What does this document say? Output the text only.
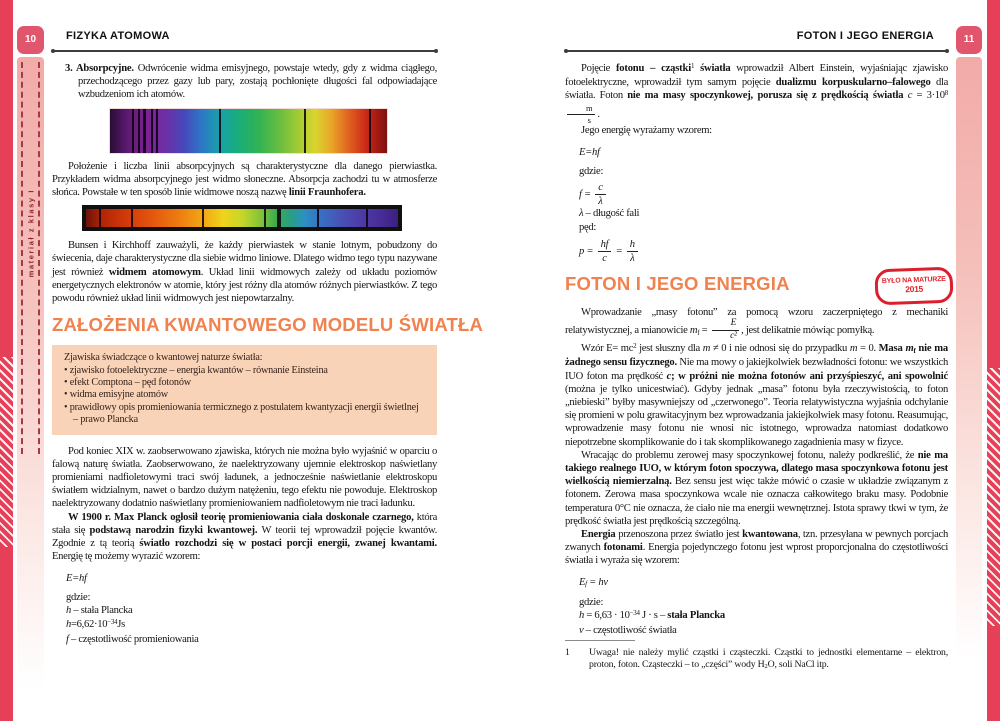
10	11
materiał z klasy I
FIZYKA ATOMOWA

3. Absorpcyjne. Odwrócenie widma emisyjnego, powstaje wtedy, gdy z widma ciągłego, przechodzącego przez gazy lub pary, zostają pochłonięte długości fal odpowiadające wzbudzeniom ich atomów.

Położenie i liczba linii absorpcyjnych są charakterystyczne dla danego pierwiastka. Przykładem widma absorpcyjnego jest widmo słoneczne. Absorpcja zachodzi tu w atmosferze słońca. Powstałe w ten sposób linie widmowe noszą nazwę linii Fraunhofera.

Bunsen i Kirchhoff zauważyli, że każdy pierwiastek w stanie lotnym, pobudzony do świecenia, daje charakterystyczne dla siebie widmo liniowe. Dlatego widmo tego typu nazywane jest również widmem atomowym. Układ linii widmowych zależy od układu poziomów energetycznych elektronów w atomie, który jest różny dla atomów różnych pierwiastków. Z tego powodu również układ linii widmowych jest niepowtarzalny.

ZAŁOŻENIA KWANTOWEGO MODELU ŚWIATŁA
Zjawiska świadczące o kwantowej naturze światła:
• zjawisko fotoelektryczne – energia kwantów – równanie Einsteina
• efekt Comptona – pęd fotonów
• widma emisyjne atomów
• prawidłowy opis promieniowania termicznego z postulatem kwantyzacji energii świetlnej – prawo Plancka

Pod koniec XIX w. zaobserwowano zjawiska, których nie można było wyjaśnić w oparciu o falową naturę światła. Zaobserwowano, że naelektryzowany ujemnie elektroskop naświetlany promieniami nadfioletowymi traci swój ładunek, a jednocześnie naświetlanie elektroskopu światłem widzialnym, nawet o bardzo dużym natężeniu, tego efektu nie powoduje. Elektroskop naelektryzowany dodatnio naświetlany promieniowaniem nadfioletowym nie traci ładunku.

W 1900 r. Max Planck ogłosił teorię promieniowania ciała doskonale czarnego, która stała się podstawą narodzin fizyki kwantowej. W teorii tej wprowadził pojęcie kwantów. Zgodnie z tą teorią światło rozchodzi się w postaci porcji energii, zwanej kwantami. Energię tę możemy wyrazić wzorem:

E=hf
gdzie:
h – stała Plancka
$h=6,62\cdot 10^{-34}Js$
f – częstotliwość promieniowania
FOTON I JEGO ENERGIA

Pojęcie fotonu – cząstki$^1$ światła wprowadził Albert Einstein, wyjaśniając zjawisko fotoelektryczne, wprowadził tym samym pojęcie dualizmu korpuskularno–falowego dla światła. Foton nie ma masy spoczynkowej, porusza się z prędkością światła $c = 3\cdot 10^8$
$\frac{m}{s}$ .

Jego energię wyrażamy wzorem:

E=hf
gdzie:
$f = \frac{c}{\lambda}$
λ – długość fali
pęd:
$p = \frac{hf}{c} = \frac{h}{\lambda}$
FOTON I JEGO ENERGIA	BYŁO NA MATURZE
2015

Wprowadzanie „masy fotonu” za pomocą wzoru zaczerpniętego z mechaniki relatywistycznej, a mianowicie $m_f = \frac{E}{\text{c²}}$ , jest delikatnie mówiąc pomyłką.

Wzór $E= mc^2$ jest słuszny dla m ≠ 0 i nie odnosi się do przypadku m = 0. Masa $m_f$ nie ma żadnego sensu fizycznego. Nie ma mowy o jakiejkolwiek bezwładności fotonu: we wszystkich IUO foton ma prędkość c; w próżni nie można fotonów ani przyśpieszyć, ani spowolnić (można je tylko unicestwiać). Gdyby jednak „masa” fotonu była rzeczywistością, to foton „niebieski” byłby masywniejszy od „czerwonego”. Teoria relatywistyczna wyjaśnia odchylanie się promieni w polu grawitacyjnym bez wprowadzania jakiejkolwiek masy fotonu. Reasumując, wprowadzenie masy fotonu nie wnosi nic istotnego, wprowadza natomiast dodatkowo niepotrzebne skomplikowanie do i tak skomplikowanego zagadnienia masy w fizyce.

Wracając do problemu zerowej masy spoczynkowej fotonu, należy podkreślić, że nie ma takiego realnego IUO, w którym foton spoczywa, dlatego masa spoczynkowa fotonu jest wielkością niemierzalną. Bez sensu jest więc także mówić o czasie w układzie związanym z fotonem. Zerowa masa spoczynkowa wcale nie oznacza całkowitego braku masy. Podobnie temperatura 0°C nie oznacza, że ciało nie ma energii wewnętrznej. Istota sprawy tkwi w tym, że prędkość światła jest prędkością szczególną.

Energia przenoszona przez światło jest kwantowana, tzn. przesyłana w pewnych porcjach zwanych fotonami. Energia pojedynczego fotonu jest wprost proporcjonalna do częstotliwości światła i wyraża się wzorem:

$E_f = h\nu$
gdzie:
$h = 6,63 \cdot 10^{-34}$ J · s – stała Plancka
ν – częstotliwość światła
1	Uwaga! nie należy mylić cząstki i cząsteczki. Cząstki to jednostki elementarne – elektron, proton, foton. Cząsteczki – to „części” wody $H_2O$, soli NaCl itp.
